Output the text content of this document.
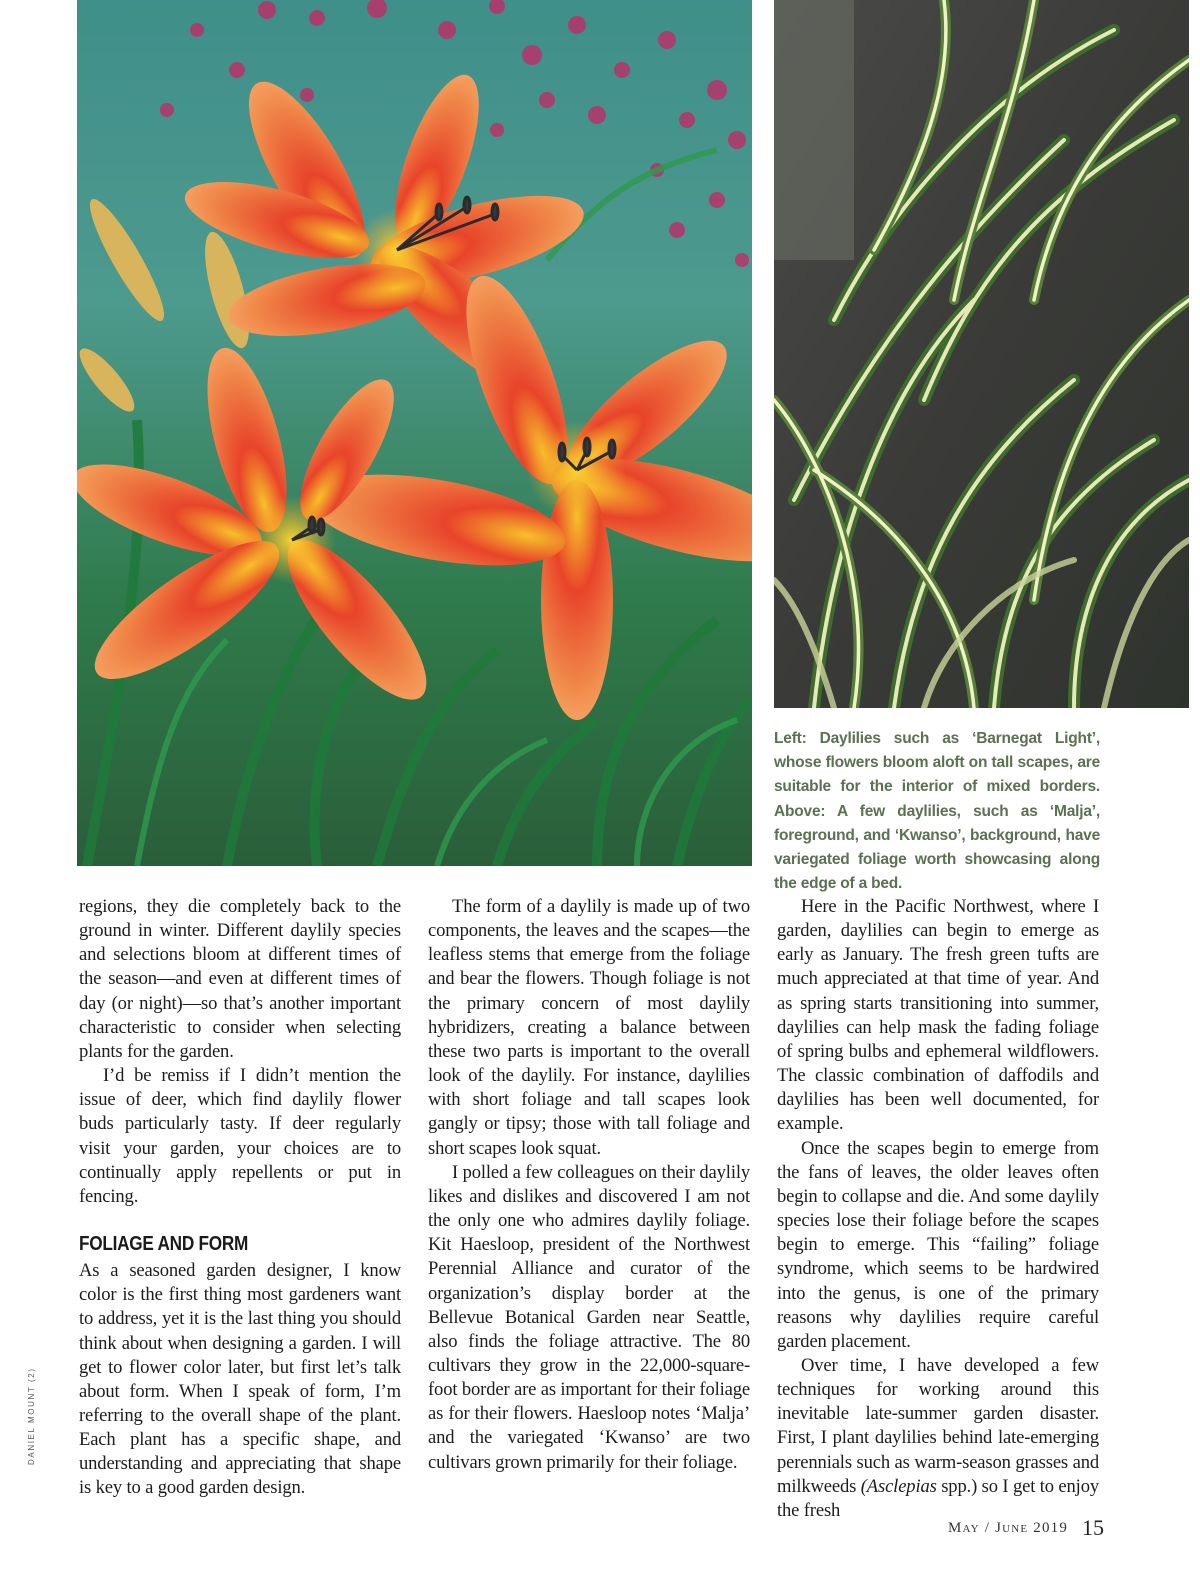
Left: Daylilies such as ‘Barnegat Light’, whose flowers bloom aloft on tall scapes, are suitable for the interior of mixed borders. Above: A few daylilies, such as ‘Malja’, foreground, and ‘Kwanso’, background, have variegated foliage worth showcasing along the edge of a bed.

regions, they die completely back to the ground in winter. Different daylily species and selections bloom at different times of the season—and even at different times of day (or night)—so that’s another important characteristic to consider when selecting plants for the garden.

I’d be remiss if I didn’t mention the issue of deer, which find daylily flower buds particularly tasty. If deer regularly visit your garden, your choices are to continually apply repellents or put in fencing.

FOLIAGE AND FORM

As a seasoned garden designer, I know color is the first thing most gardeners want to address, yet it is the last thing you should think about when designing a garden. I will get to flower color later, but first let’s talk about form. When I speak of form, I’m referring to the overall shape of the plant. Each plant has a specific shape, and understanding and appreciating that shape is key to a good garden design.

The form of a daylily is made up of two components, the leaves and the scapes—the leafless stems that emerge from the foliage and bear the flowers. Though foliage is not the primary concern of most daylily hybridizers, creating a balance between these two parts is important to the overall look of the daylily. For instance, daylilies with short foliage and tall scapes look gangly or tipsy; those with tall foliage and short scapes look squat.

I polled a few colleagues on their daylily likes and dislikes and discovered I am not the only one who admires daylily foliage. Kit Haesloop, president of the Northwest Perennial Alliance and curator of the organization’s display border at the Bellevue Botanical Garden near Seattle, also finds the foliage attractive. The 80 cultivars they grow in the 22,000-square-foot border are as important for their foliage as for their flowers. Haesloop notes ‘Malja’ and the variegated ‘Kwanso’ are two cultivars grown primarily for their foliage.

Here in the Pacific Northwest, where I garden, daylilies can begin to emerge as early as January. The fresh green tufts are much appreciated at that time of year. And as spring starts transitioning into summer, daylilies can help mask the fading foliage of spring bulbs and ephemeral wildflowers. The classic combination of daffodils and daylilies has been well documented, for example.

Once the scapes begin to emerge from the fans of leaves, the older leaves often begin to collapse and die. And some daylily species lose their foliage before the scapes begin to emerge. This “failing” foliage syndrome, which seems to be hardwired into the genus, is one of the primary reasons why daylilies require careful garden placement.

Over time, I have developed a few techniques for working around this inevitable late-summer garden disaster. First, I plant daylilies behind late-emerging perennials such as warm-season grasses and milkweeds (Asclepias spp.) so I get to enjoy the fresh

DANIEL MOUNT (2)
May / June 2019 15
